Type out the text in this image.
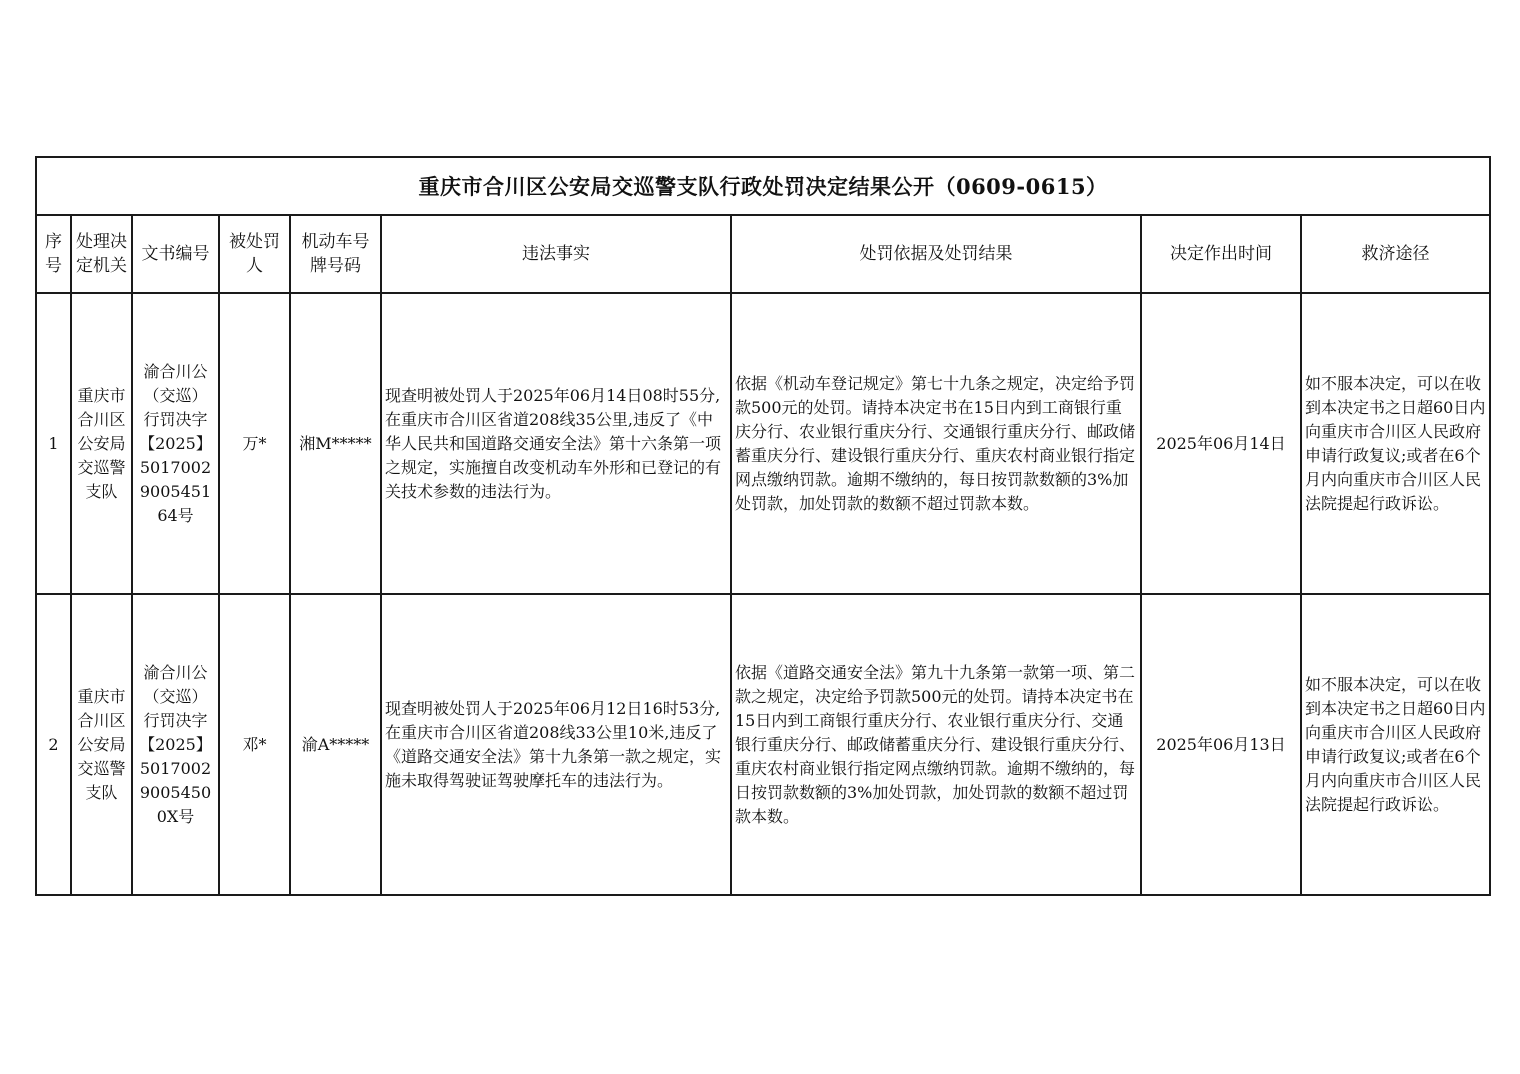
重庆市合川区公安局交巡警支队行政处罚决定结果公开（0609-0615）								
序号	处理决定机关	文书编号	被处罚人	机动车号牌号码	违法事实	处罚依据及处罚结果	决定作出时间	救济途径
1	重庆市合川区公安局交巡警支队	渝合川公（交巡）行罚决字【2025】5017002900545164号	万*	湘M*****	现查明被处罚人于2025年06月14日08时55分,在重庆市合川区省道208线35公里,违反了《中华人民共和国道路交通安全法》第十六条第一项之规定，实施擅自改变机动车外形和已登记的有关技术参数的违法行为。	依据《机动车登记规定》第七十九条之规定，决定给予罚款500元的处罚。请持本决定书在15日内到工商银行重庆分行、农业银行重庆分行、交通银行重庆分行、邮政储蓄重庆分行、建设银行重庆分行、重庆农村商业银行指定网点缴纳罚款。逾期不缴纳的，每日按罚款数额的3%加处罚款，加处罚款的数额不超过罚款本数。	2025年06月14日	如不服本决定，可以在收到本决定书之日超60日内向重庆市合川区人民政府申请行政复议;或者在6个月内向重庆市合川区人民法院提起行政诉讼。
2	重庆市合川区公安局交巡警支队	渝合川公（交巡）行罚决字【2025】501700290054500X号	邓*	渝A*****	现查明被处罚人于2025年06月12日16时53分,在重庆市合川区省道208线33公里10米,违反了《道路交通安全法》第十九条第一款之规定，实施未取得驾驶证驾驶摩托车的违法行为。	依据《道路交通安全法》第九十九条第一款第一项、第二款之规定，决定给予罚款500元的处罚。请持本决定书在15日内到工商银行重庆分行、农业银行重庆分行、交通银行重庆分行、邮政储蓄重庆分行、建设银行重庆分行、重庆农村商业银行指定网点缴纳罚款。逾期不缴纳的，每日按罚款数额的3%加处罚款，加处罚款的数额不超过罚款本数。	2025年06月13日	如不服本决定，可以在收到本决定书之日超60日内向重庆市合川区人民政府申请行政复议;或者在6个月内向重庆市合川区人民法院提起行政诉讼。
